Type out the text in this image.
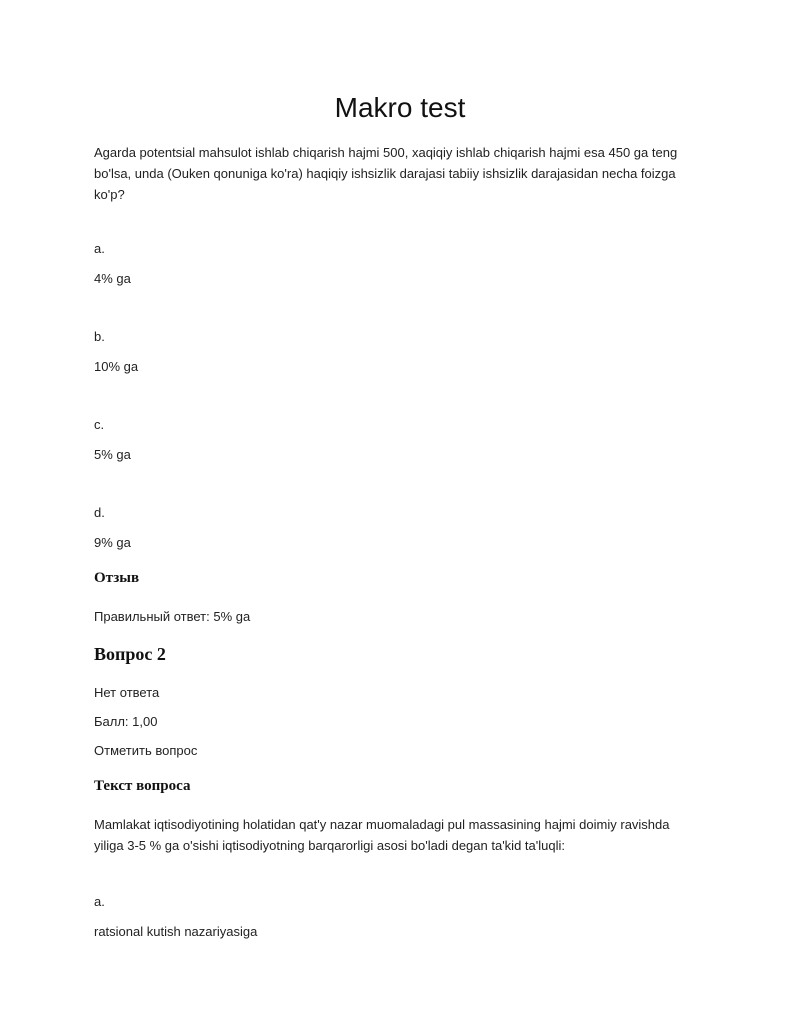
Makro test

Agarda potentsial mahsulot ishlab chiqarish hajmi 500, xaqiqiy ishlab chiqarish hajmi esa 450 ga teng bo'lsa, unda (Ouken qonuniga ko'ra) haqiqiy ishsizlik darajasi tabiiy ishsizlik darajasidan necha foizga ko'p?

a.

4% ga

b.

10% ga

c.

5% ga

d.

9% ga

Отзыв

Правильный ответ: 5% ga

Вопрос 2

Нет ответа

Балл: 1,00

Отметить вопрос

Текст вопроса

Mamlakat iqtisodiyotining holatidan qat'y nazar muomaladagi pul massasining hajmi doimiy ravishda yiliga 3-5 % ga o'sishi iqtisodiyotning barqarorligi asosi bo'ladi degan ta'kid ta'luqli:

a.

ratsional kutish nazariyasiga
